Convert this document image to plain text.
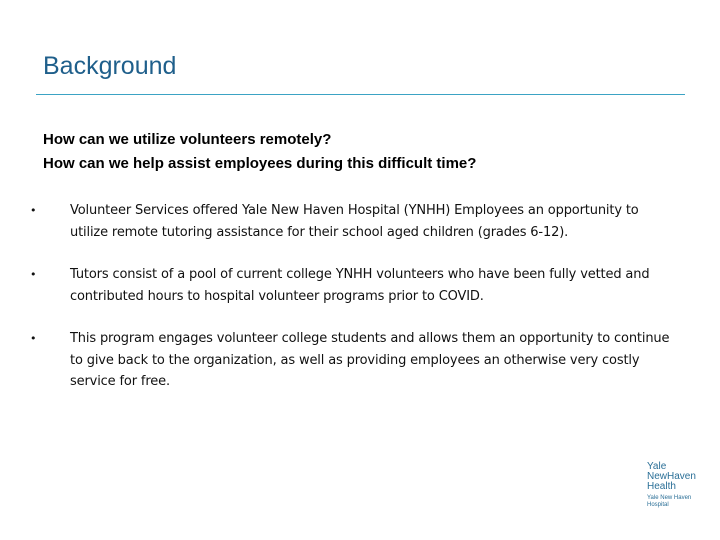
Background
How can we utilize volunteers remotely?
How can we help assist employees during this difficult time?
•	Volunteer Services offered Yale New Haven Hospital (YNHH) Employees an opportunity to utilize remote tutoring assistance for their school aged children (grades 6-12).
•	Tutors consist of a pool of current college YNHH volunteers who have been fully vetted and contributed hours to hospital volunteer programs prior to COVID.
•	This program engages volunteer college students and allows them an opportunity to continue to give back to the organization, as well as providing employees an otherwise very costly service for free.
Yale
NewHaven
Health
Yale New Haven
Hospital
